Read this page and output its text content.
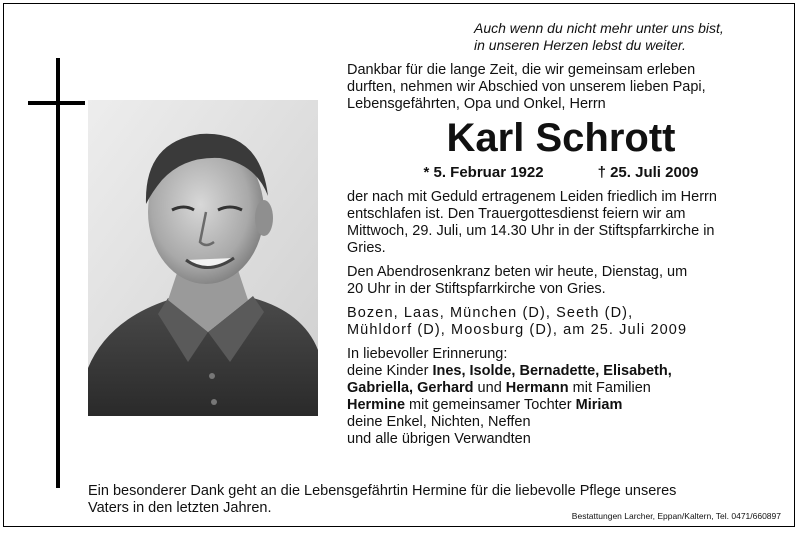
Auch wenn du nicht mehr unter uns bist,
in unseren Herzen lebst du weiter.
Dankbar für die lange Zeit, die wir gemeinsam erleben
durften, nehmen wir Abschied von unserem lieben Papi,
Lebensgefährten, Opa und Onkel, Herrn
Karl Schrott
* 5. Februar 1922	† 25. Juli 2009
der nach mit Geduld ertragenem Leiden friedlich im Herrn
entschlafen ist. Den Trauergottesdienst feiern wir am
Mittwoch, 29. Juli, um 14.30 Uhr in der Stiftspfarrkirche in
Gries.
Den Abendrosenkranz beten wir heute, Dienstag, um
20 Uhr in der Stiftspfarrkirche von Gries.
Bozen, Laas, München (D), Seeth (D),
Mühldorf (D), Moosburg (D), am 25. Juli 2009
In liebevoller Erinnerung:
deine Kinder Ines, Isolde, Bernadette, Elisabeth,
Gabriella, Gerhard und Hermann mit Familien
Hermine mit gemeinsamer Tochter Miriam
deine Enkel, Nichten, Neffen
und alle übrigen Verwandten
Ein besonderer Dank geht an die Lebensgefährtin Hermine für die liebevolle Pflege unseres
Vaters in den letzten Jahren.	Bestattungen Larcher, Eppan/Kaltern, Tel. 0471/660897
